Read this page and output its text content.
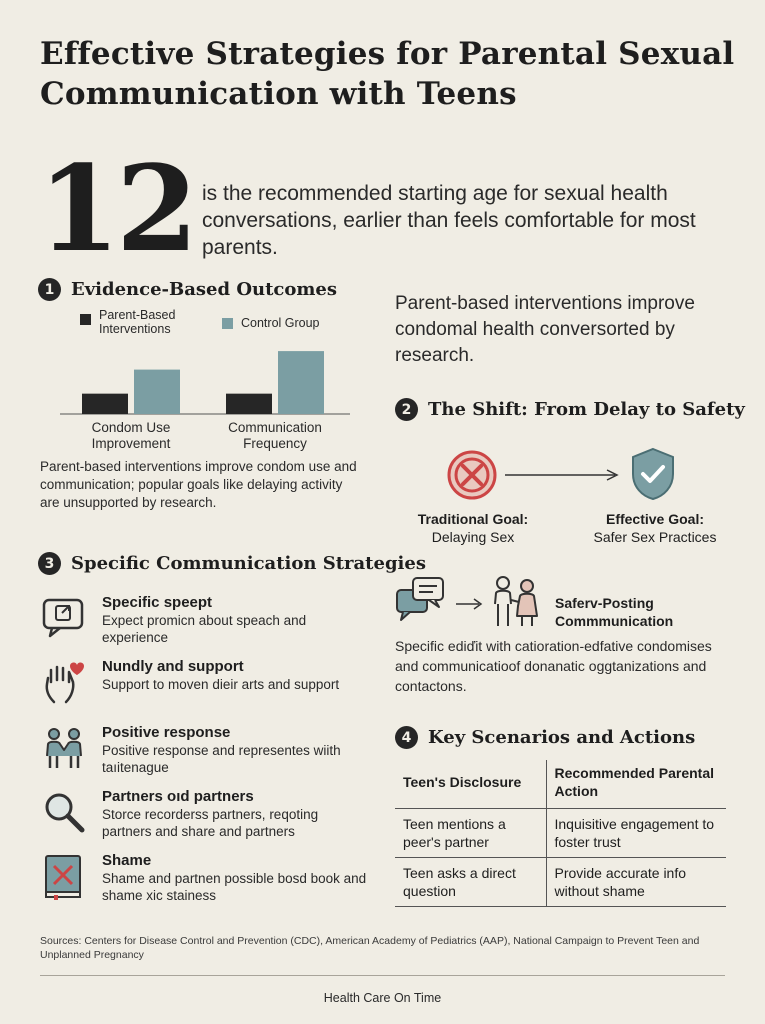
Effective Strategies for Parental Sexual Communication with Teens
12 is the recommended starting age for sexual health conversations, earlier than feels comfortable for most parents.

1 Evidence-Based Outcomes
Parent-Based Interventions	Control Group
Condom Use Improvement
Communication Frequency

Parent-based interventions improve condom use and communication; popular goals like delaying activity are unsupported by research.

Parent-based interventions improve condomal health conversorted by research.

2 The Shift: From Delay to Safety
Traditional Goal:
Delaying Sex
Effective Goal:
Safer Sex Practices
3 Specific Communication Strategies
Specific speept
Expect promicn about speach and experience
Nundly and support
Support to moven dieir arts and support
Positive response
Positive response and representes wiith taıitenague
Partners oıd partners
Storce recorderss partners, reqoting partners and share and partners
Shame
Shame and partnen possible bosd book and shame xic stainess
Saferv-Posting Commmunication

Specific ediďit with catioration-edfative condomises and communicatioof donanatic oggtanizations and contactons.

4 Key Scenarios and Actions
Teen's Disclosure	Recommended Parental Action
Teen mentions a peer's partner	Inquisitive engagement to foster trust
Teen asks a direct question	Provide accurate info without shame

Sources: Centers for Disease Control and Prevention (CDC), American Academy of Pediatrics (AAP), National Campaign to Prevent Teen and Unplanned Pregnancy

Health Care On Time
